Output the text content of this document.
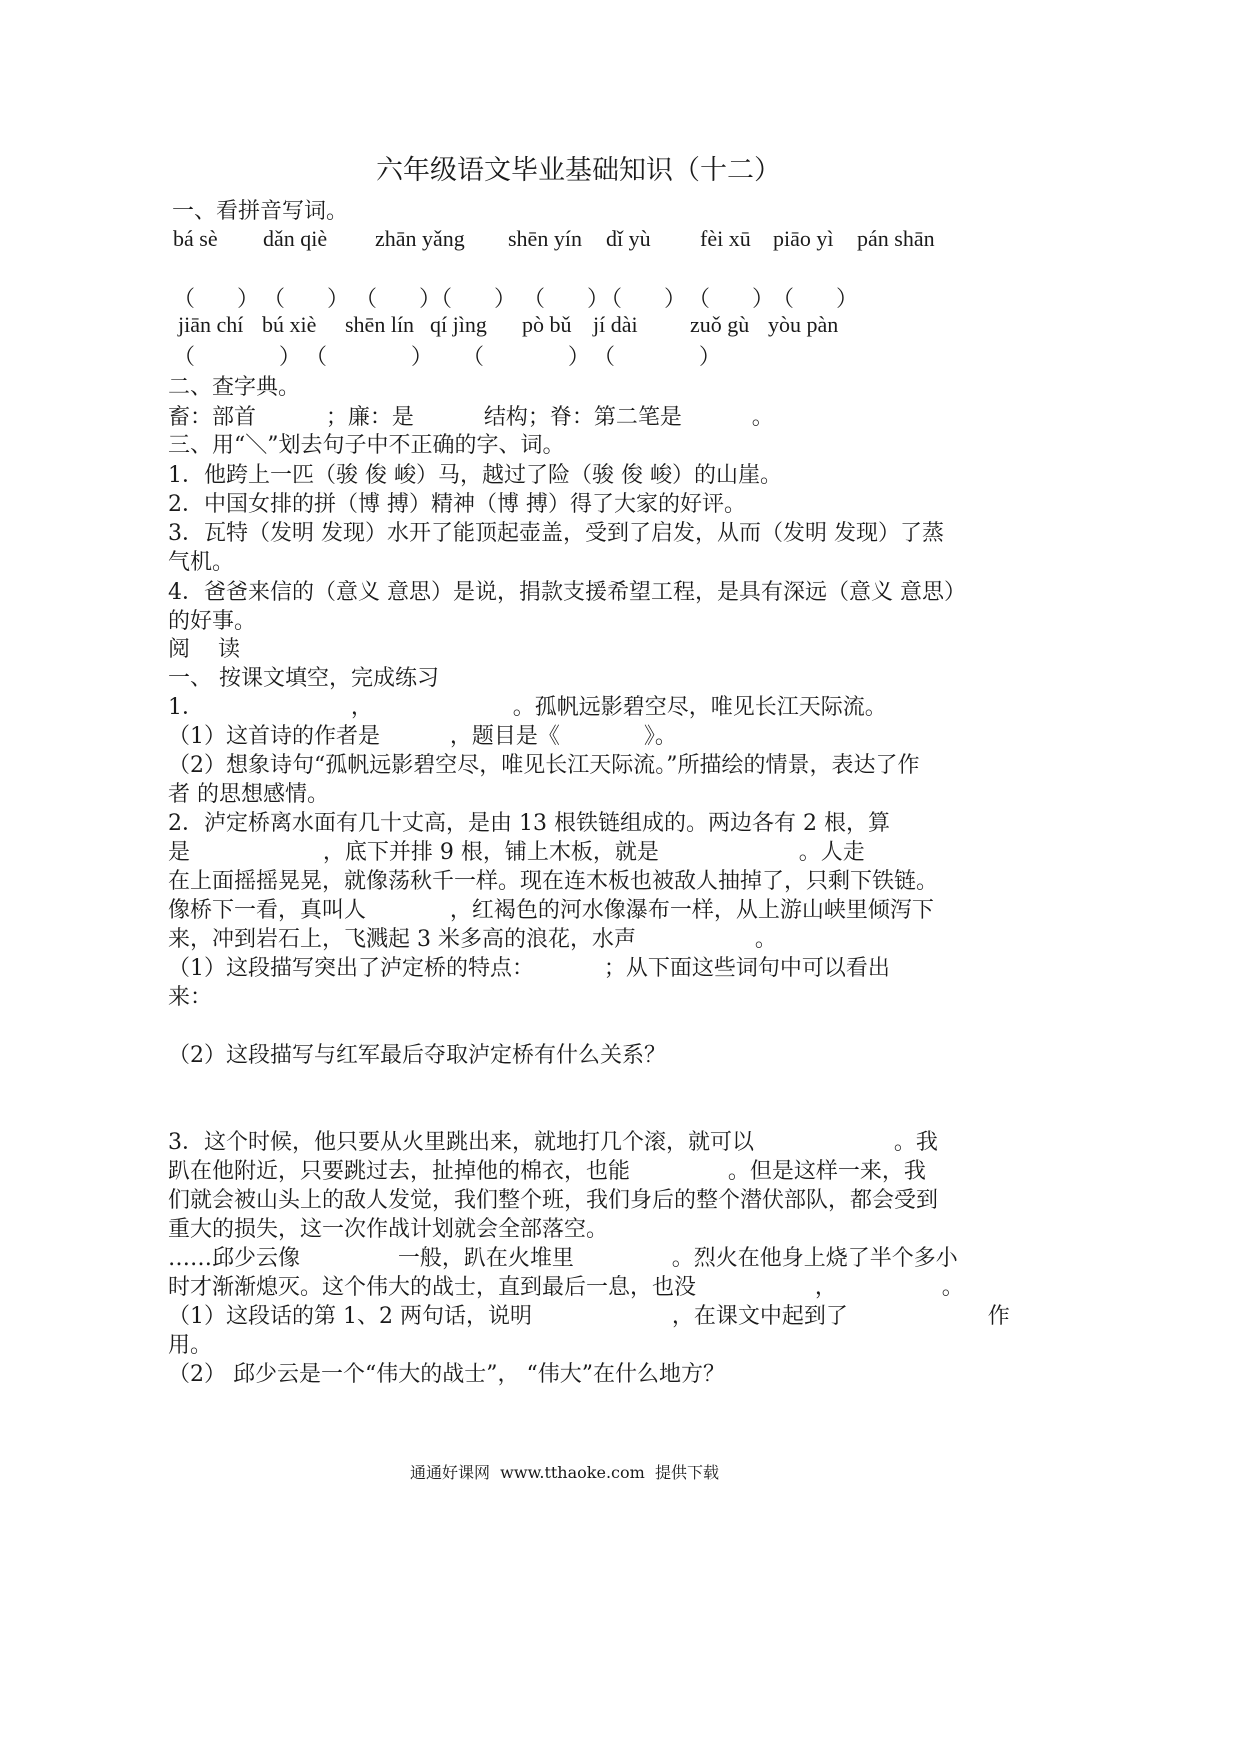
六年级语文毕业基础知识（十二）
一、看拼音写词。
bá sè dǎn qiè zhān yǎng shēn yín dǐ yù fèi xū piāo yì pán shān
（      ） （      ） （      ）
（      ） （      ）
（      ） （      ）
（      ）
jiān chí bú xiè shēn lín qí jìng pò bǔ jí dài zuǒ gù yòu pàn
（            ） （            ） （            ） （            ）
二、查字典。
畜：部首          ；廉：是          结构；脊：第二笔是          。
三、用“＼”划去句子中不正确的字、词。
1．他跨上一匹（骏 俊 峻）马，越过了险（骏 俊 峻）的山崖。
2．中国女排的拼（博 搏）精神（博 搏）得了大家的好评。
3．瓦特（发明 发现）水开了能顶起壶盖，受到了启发，从而（发明 发现）了蒸
气机。
4．爸爸来信的（意义 意思）是说，捐款支援希望工程，是具有深远（意义 意思）
的好事。
阅    读
一、 按课文填空，完成练习
1．                     ，                    。孤帆远影碧空尽，唯见长江天际流。
（1）这首诗的作者是          ，题目是《            》。
（2）想象诗句“孤帆远影碧空尽，唯见长江天际流。”所描绘的情景，表达了作
者 的思想感情。
2．泸定桥离水面有几十丈高，是由 13 根铁链组成的。两边各有 2 根，算
是                   ，底下并排 9 根，铺上木板，就是                    。人走
在上面摇摇晃晃，就像荡秋千一样。现在连木板也被敌人抽掉了，只剩下铁链。
像桥下一看，真叫人            ，红褐色的河水像瀑布一样，从上游山峡里倾泻下
来，冲到岩石上，飞溅起 3 米多高的浪花，水声                 。
（1）这段描写突出了泸定桥的特点：          ；从下面这些词句中可以看出
来：
（2）这段描写与红军最后夺取泸定桥有什么关系？
3．这个时候，他只要从火里跳出来，就地打几个滚，就可以                    。我
趴在他附近，只要跳过去，扯掉他的棉衣，也能              。但是这样一来，我
们就会被山头上的敌人发觉，我们整个班，我们身后的整个潜伏部队，都会受到
重大的损失，这一次作战计划就会全部落空。
……邱少云像              一般，趴在火堆里              。烈火在他身上烧了半个多小
时才渐渐熄灭。这个伟大的战士，直到最后一息，也没                 ，               。
（1）这段话的第 1、2 两句话，说明                    ，在课文中起到了                    作
用。
（2） 邱少云是一个“伟大的战士”， “伟大”在什么地方？
通通好课网  www.tthaoke.com  提供下载
